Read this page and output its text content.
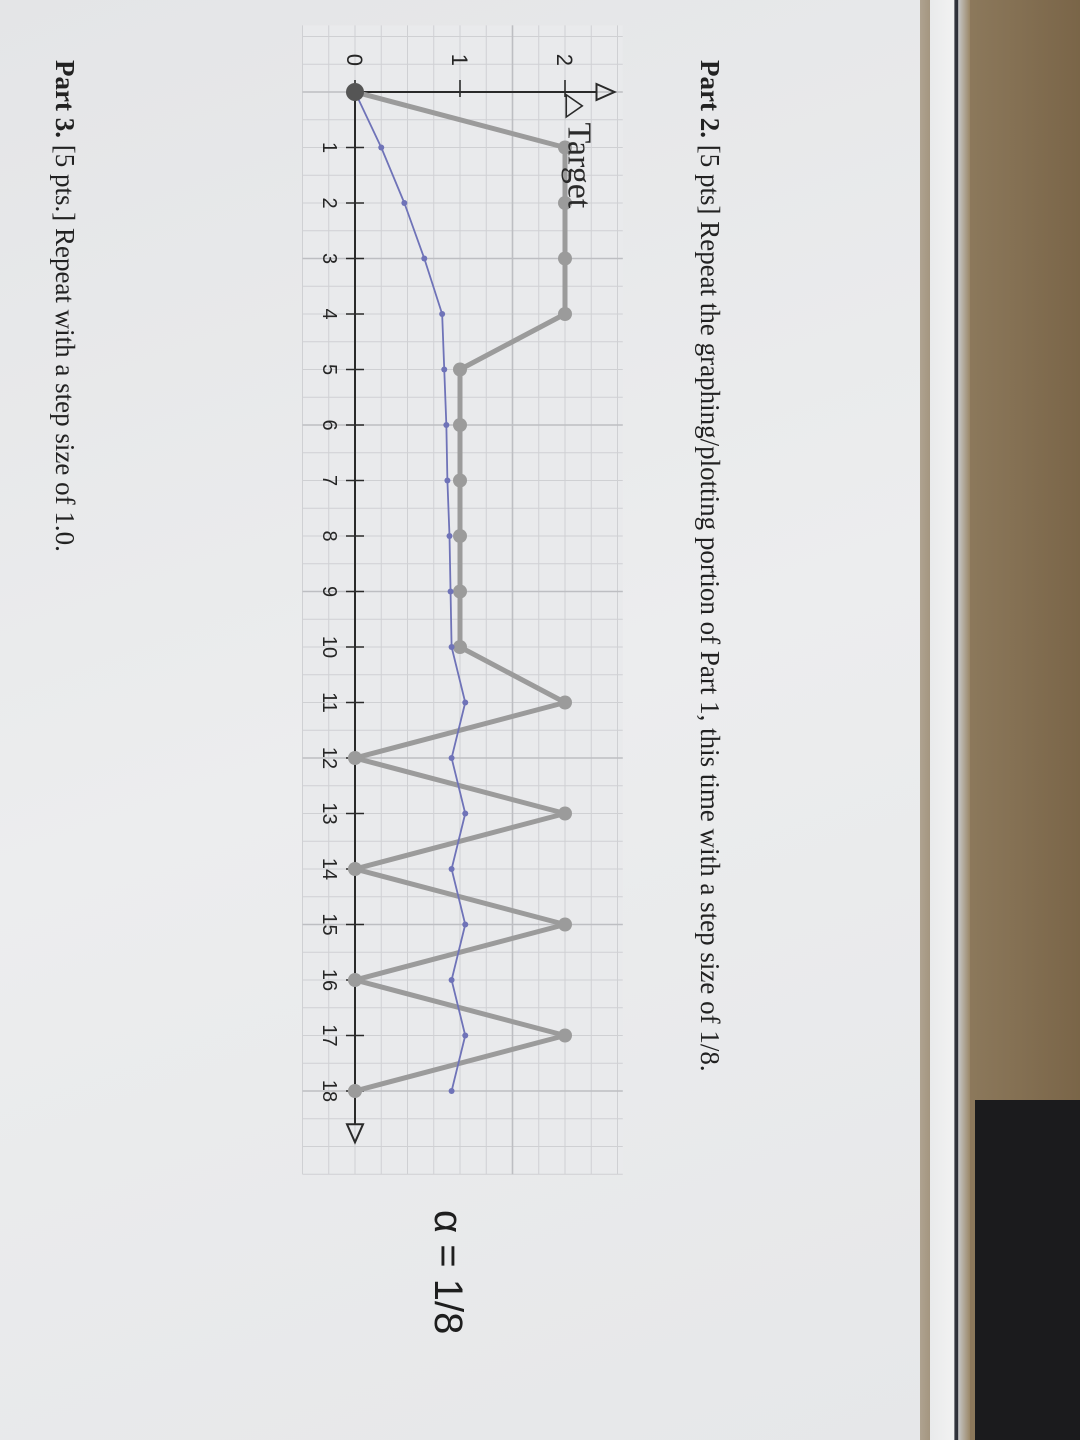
Part 2. [5 pts] Repeat the graphing/plotting portion of Part 1, this time with a step size of 1/8.
1
2
3
4
5
6
7
8
9
10
11
12
13
14
15
16
17
18
0	1	2
Target
α = 1/8
Part 3. [5 pts.] Repeat with a step size of 1.0.
